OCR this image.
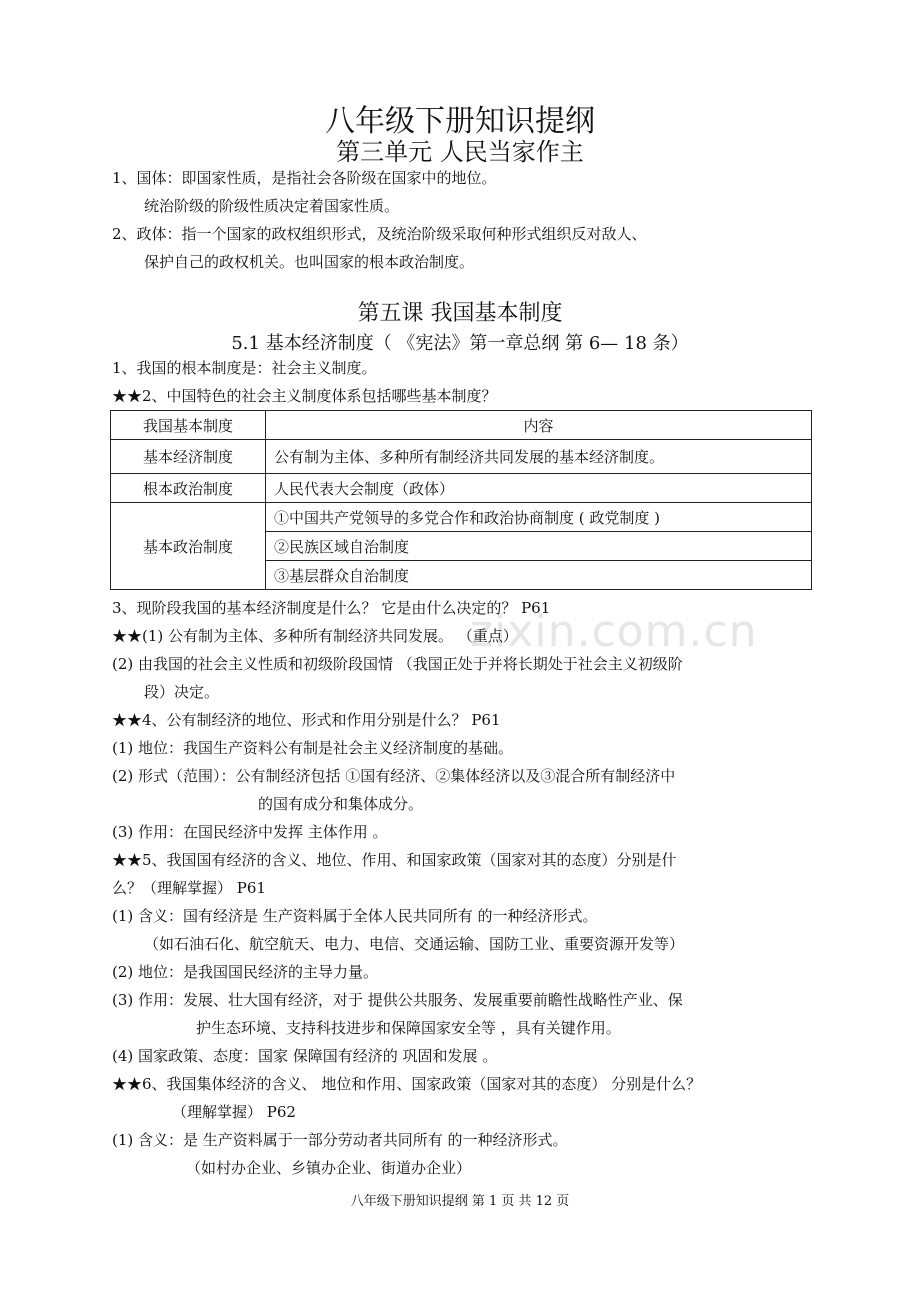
zixin.com.cn
八年级下册知识提纲
第三单元 人民当家作主
1、国体：即国家性质，是指社会各阶级在国家中的地位。
统治阶级的阶级性质决定着国家性质。
2、政体：指一个国家的政权组织形式，及统治阶级采取何种形式组织反对敌人、
保护自己的政权机关。也叫国家的根本政治制度。
第五课 我国基本制度
5.1 基本经济制度（ 《宪法》第一章总纲 第 6— 18 条）
1、我国的根本制度是：社会主义制度。
★★2、中国特色的社会主义制度体系包括哪些基本制度？
我国基本制度	内容
基本经济制度	公有制为主体、多种所有制经济共同发展的基本经济制度。
根本政治制度	人民代表大会制度（政体）
基本政治制度	①中国共产党领导的多党合作和政治协商制度 ( 政党制度 )
	②民族区域自治制度
	③基层群众自治制度
3、现阶段我国的基本经济制度是什么？ 它是由什么决定的？ P61
★★(1) 公有制为主体、多种所有制经济共同发展。 （重点）
(2) 由我国的社会主义性质和初级阶段国情 （我国正处于并将长期处于社会主义初级阶
段）决定。
★★4、公有制经济的地位、形式和作用分别是什么？ P61
(1) 地位：我国生产资料公有制是社会主义经济制度的基础。
(2) 形式（范围）：公有制经济包括 ①国有经济、②集体经济以及③混合所有制经济中
的国有成分和集体成分。
(3) 作用：在国民经济中发挥 主体作用 。
★★5、我国国有经济的含义、地位、作用、和国家政策（国家对其的态度）分别是什
么？（理解掌握） P61
(1) 含义：国有经济是 生产资料属于全体人民共同所有 的一种经济形式。
（如石油石化、航空航天、电力、电信、交通运输、国防工业、重要资源开发等）
(2) 地位：是我国国民经济的主导力量。
(3) 作用：发展、壮大国有经济，对于 提供公共服务、发展重要前瞻性战略性产业、保
护生态环境、支持科技进步和保障国家安全等 ，具有关键作用。
(4) 国家政策、态度：国家 保障国有经济的 巩固和发展 。
★★6、我国集体经济的含义、 地位和作用、国家政策（国家对其的态度） 分别是什么？
（理解掌握） P62
(1) 含义：是 生产资料属于一部分劳动者共同所有 的一种经济形式。
（如村办企业、乡镇办企业、街道办企业）
八年级下册知识提纲 第 1 页 共 12 页
